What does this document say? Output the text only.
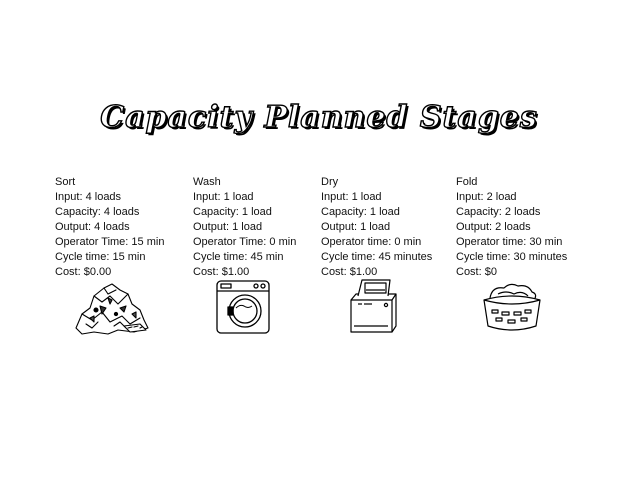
Capacity Planned Stages
Sort
Input: 4 loads
Capacity: 4 loads
Output: 4 loads
Operator Time: 15 min
Cycle time: 15 min
Cost: $0.00
Wash
Input: 1 load
Capacity: 1 load
Output: 1 load
Operator Time: 0 min
Cycle time: 45 min
Cost: $1.00
Dry
Input: 1 load
Capacity: 1 load
Output: 1 load
Operator time: 0 min
Cycle time: 45 minutes
Cost: $1.00
Fold
Input: 2 load
Capacity: 2 loads
Output: 2 loads
Operator time: 30 min
Cycle time: 30 minutes
Cost: $0
